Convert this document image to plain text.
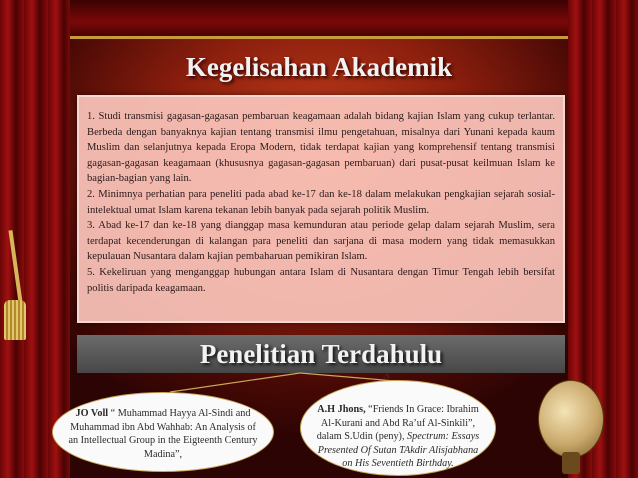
Kegelisahan Akademik

1. Studi transmisi gagasan-gagasan pembaruan keagamaan adalah bidang kajian Islam yang cukup terlantar. Berbeda dengan banyaknya kajian tentang transmisi ilmu pengetahuan, misalnya dari Yunani kepada kaum Muslim dan selanjutnya kepada Eropa Modern, tidak terdapat kajian yang komprehensif tentang transmisi gagasan-gagasan keagamaan (khususnya gagasan-gagasan pembaruan) dari pusat-pusat keilmuan Islam ke bagian-bagian yang lain.

2. Minimnya perhatian para peneliti pada abad ke-17 dan ke-18 dalam melakukan pengkajian sejarah sosial-intelektual umat Islam karena tekanan lebih banyak pada sejarah politik Muslim.

3. Abad ke-17 dan ke-18 yang dianggap masa kemunduran atau periode gelap dalam sejarah Muslim, sera terdapat kecenderungan di kalangan para peneliti dan sarjana di masa modern yang tidak memasukkan kepulauan Nusantara dalam kajian pembaharuan pemikiran Islam.

5. Kekeliruan yang menganggap hubungan antara Islam di Nusantara dengan Timur Tengah lebih bersifat politis daripada keagamaan.

Penelitian Terdahulu
A
JO Voll “ Muhammad Hayya Al-Sindi and Muhammad ibn Abd Wahhab: An Analysis of an Intellectual Group in the Eigteenth Century Madina”,
A.H Jhons, “Friends In Grace: Ibrahim Al-Kurani and Abd Ra’uf Al-Sinkili”, dalam S.Udin (peny), Spectrum: Essays Presented Of Sutan TAkdir Alisjabhana on His Seventieth Birthday.
